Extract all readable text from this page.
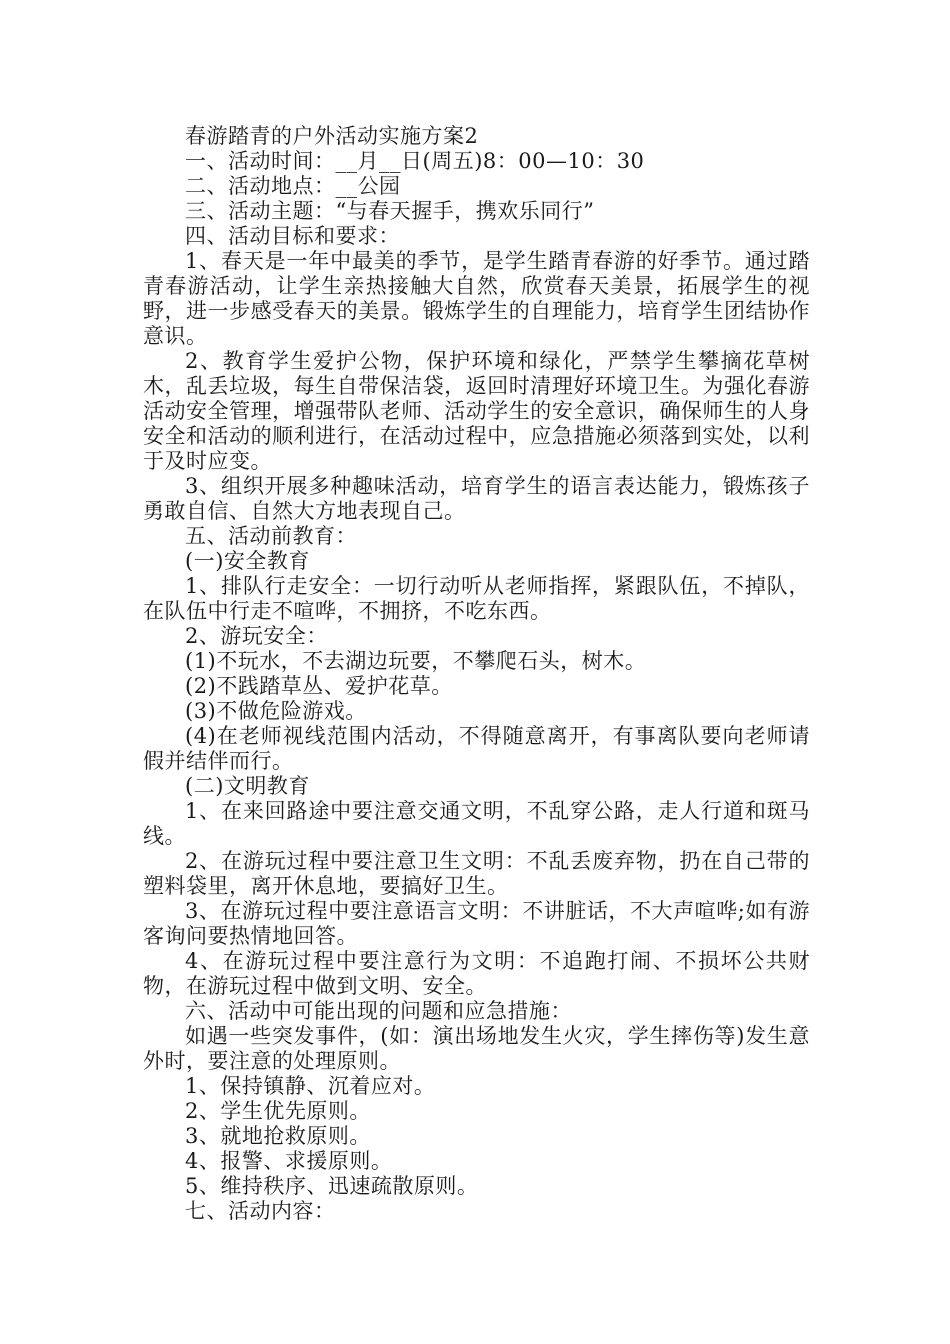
春游踏青的户外活动实施方案2

一、活动时间：__月__日(周五)8：00—10：30

二、活动地点：__公园

三、活动主题：“与春天握手，携欢乐同行”

四、活动目标和要求：

1、春天是一年中最美的季节，是学生踏青春游的好季节。通过踏青春游活动，让学生亲热接触大自然，欣赏春天美景，拓展学生的视野，进一步感受春天的美景。锻炼学生的自理能力，培育学生团结协作意识。

2、教育学生爱护公物，保护环境和绿化，严禁学生攀摘花草树木，乱丢垃圾，每生自带保洁袋，返回时清理好环境卫生。为强化春游活动安全管理，增强带队老师、活动学生的安全意识，确保师生的人身安全和活动的顺利进行，在活动过程中，应急措施必须落到实处，以利于及时应变。

3、组织开展多种趣味活动，培育学生的语言表达能力，锻炼孩子勇敢自信、自然大方地表现自己。

五、活动前教育：

(一)安全教育

1、排队行走安全：一切行动听从老师指挥，紧跟队伍，不掉队，在队伍中行走不喧哗，不拥挤，不吃东西。

2、游玩安全：

(1)不玩水，不去湖边玩要，不攀爬石头，树木。

(2)不践踏草丛、爱护花草。

(3)不做危险游戏。

(4)在老师视线范围内活动，不得随意离开，有事离队要向老师请假并结伴而行。

(二)文明教育

1、在来回路途中要注意交通文明，不乱穿公路，走人行道和斑马线。

2、在游玩过程中要注意卫生文明：不乱丢废弃物，扔在自己带的塑料袋里，离开休息地，要搞好卫生。

3、在游玩过程中要注意语言文明：不讲脏话，不大声喧哗;如有游客询问要热情地回答。

4、在游玩过程中要注意行为文明：不追跑打闹、不损坏公共财物，在游玩过程中做到文明、安全。

六、活动中可能出现的问题和应急措施：

如遇一些突发事件，(如：演出场地发生火灾，学生摔伤等)发生意外时，要注意的处理原则。

1、保持镇静、沉着应对。

2、学生优先原则。

3、就地抢救原则。

4、报警、求援原则。

5、维持秩序、迅速疏散原则。

七、活动内容：
